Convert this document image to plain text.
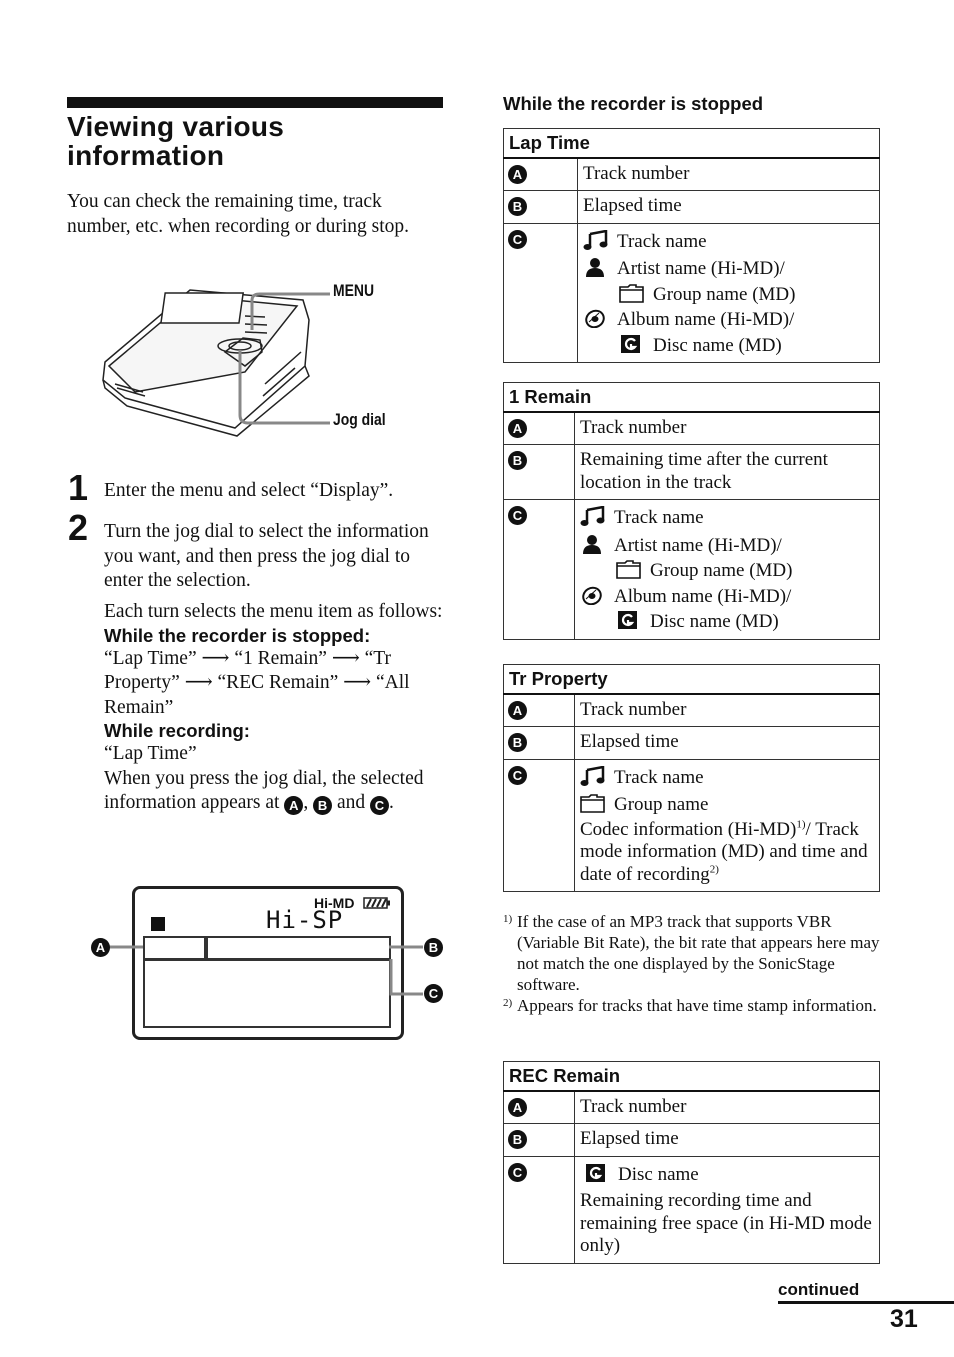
Viewing various
information
You can check the remaining time, track number, etc. when recording or during stop.
MENU
Jog dial
1 Enter the menu and select “Display”.
2 Turn the jog dial to select the information you want, and then press the jog dial to enter the selection.
Each turn selects the menu item as follows:
While the recorder is stopped:
“Lap Time” ⟶ “1 Remain” ⟶ “Tr Property” ⟶ “REC Remain” ⟶ “All Remain”
While recording:
“Lap Time”
When you press the jog dial, the selected information appears at A , B and C .
Hi-MD
Hi-SP
A	B
C
While the recorder is stopped
Lap Time	
A	Track number
B	Elapsed time
C	Track name
Artist name (Hi-MD)/
Group name (MD)
Album name (Hi-MD)/
Disc name (MD)
1 Remain	
A	Track number
B	Remaining time after the current location in the track
C	Track name
Artist name (Hi-MD)/
Group name (MD)
Album name (Hi-MD)/
Disc name (MD)
Tr Property	
A	Track number
B	Elapsed time
C	Track name
Group name
Codec information $(Hi-MD)^{1)}/$ Track mode information (MD) and time and date of recording$^{2)}$
1) If the case of an MP3 track that supports VBR (Variable Bit Rate), the bit rate that appears here may not match the one displayed by the SonicStage software.
2) Appears for tracks that have time stamp information.
REC Remain	
A	Track number
B	Elapsed time
C	Disc name
Remaining recording time and remaining free space (in Hi-MD mode only)
continued
31
